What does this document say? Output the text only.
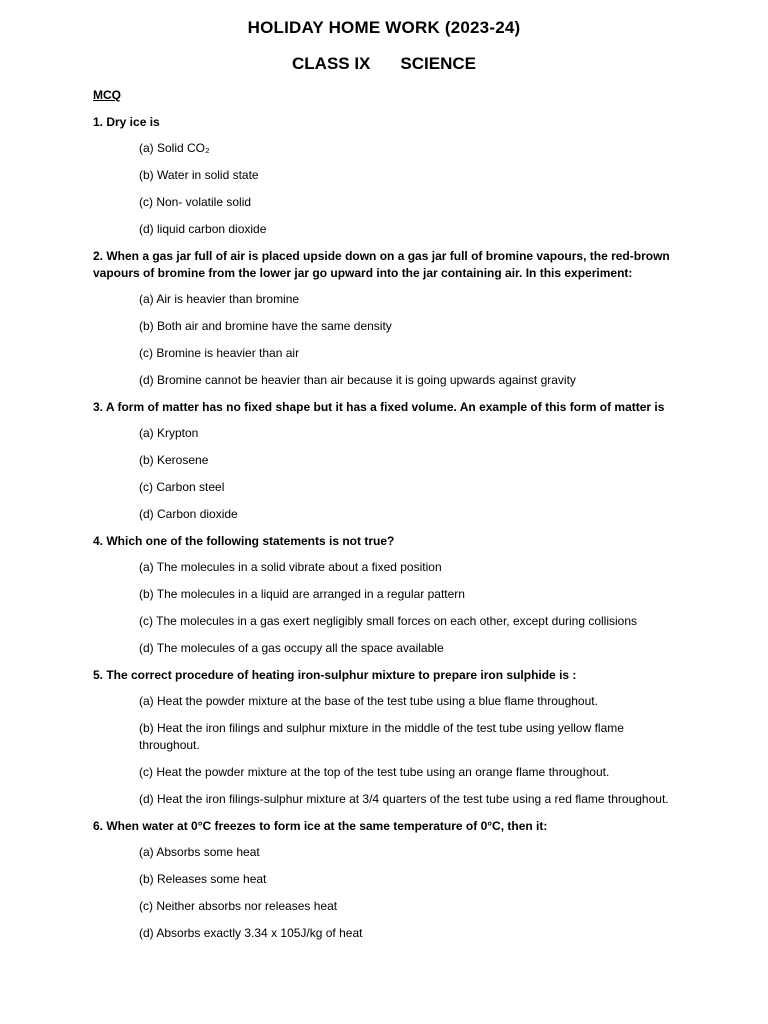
HOLIDAY HOME WORK (2023-24)
CLASS IX SCIENCE
MCQ
1. Dry ice is
(a) Solid CO₂
(b) Water in solid state
(c) Non- volatile solid
(d) liquid carbon dioxide
2. When a gas jar full of air is placed upside down on a gas jar full of bromine vapours, the red-brown vapours of bromine from the lower jar go upward into the jar containing air. In this experiment:
(a) Air is heavier than bromine
(b) Both air and bromine have the same density
(c) Bromine is heavier than air
(d) Bromine cannot be heavier than air because it is going upwards against gravity
3. A form of matter has no fixed shape but it has a fixed volume. An example of this form of matter is
(a) Krypton
(b) Kerosene
(c) Carbon steel
(d) Carbon dioxide
4. Which one of the following statements is not true?
(a) The molecules in a solid vibrate about a fixed position
(b) The molecules in a liquid are arranged in a regular pattern
(c) The molecules in a gas exert negligibly small forces on each other, except during collisions
(d) The molecules of a gas occupy all the space available
5. The correct procedure of heating iron-sulphur mixture to prepare iron sulphide is :
(a) Heat the powder mixture at the base of the test tube using a blue flame throughout.
(b) Heat the iron filings and sulphur mixture in the middle of the test tube using yellow flame throughout.
(c) Heat the powder mixture at the top of the test tube using an orange flame throughout.
(d) Heat the iron filings-sulphur mixture at 3/4 quarters of the test tube using a red flame throughout.
6. When water at 0°C freezes to form ice at the same temperature of 0°C, then it:
(a) Absorbs some heat
(b) Releases some heat
(c) Neither absorbs nor releases heat
(d) Absorbs exactly 3.34 x 105J/kg of heat
